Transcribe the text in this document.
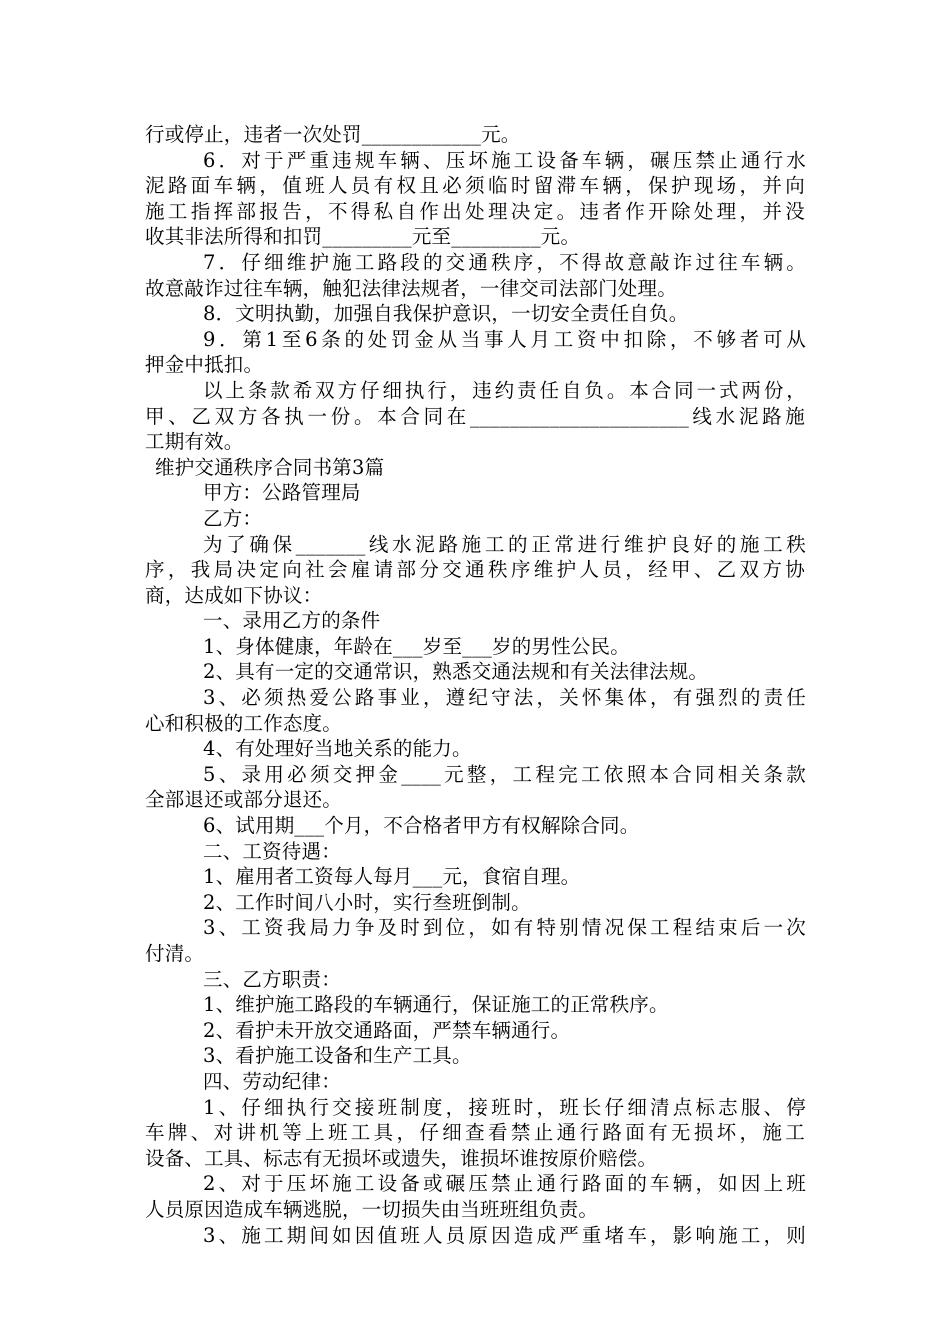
行或停止，违者一次处罚____________元。
6．对于严重违规车辆、压坏施工设备车辆，碾压禁止通行水
泥路面车辆，值班人员有权且必须临时留滞车辆，保护现场，并向
施工指挥部报告，不得私自作出处理决定。违者作开除处理，并没
收其非法所得和扣罚_________元至_________元。
7．仔细维护施工路段的交通秩序，不得故意敲诈过往车辆。
故意敲诈过往车辆，触犯法律法规者，一律交司法部门处理。
8．文明执勤，加强自我保护意识，一切安全责任自负。
9．第1至6条的处罚金从当事人月工资中扣除，不够者可从
押金中抵扣。
以上条款希双方仔细执行，违约责任自负。本合同一式两份，
甲、乙双方各执一份。本合同在______________________线水泥路施
工期有效。
维护交通秩序合同书第3篇
甲方：公路管理局
乙方：
为了确保_______线水泥路施工的正常进行维护良好的施工秩
序，我局决定向社会雇请部分交通秩序维护人员，经甲、乙双方协
商，达成如下协议：
一、录用乙方的条件
1、身体健康，年龄在___岁至___岁的男性公民。
2、具有一定的交通常识，熟悉交通法规和有关法律法规。
3、必须热爱公路事业，遵纪守法，关怀集体，有强烈的责任
心和积极的工作态度。
4、有处理好当地关系的能力。
5、录用必须交押金____元整，工程完工依照本合同相关条款
全部退还或部分退还。
6、试用期___个月，不合格者甲方有权解除合同。
二、工资待遇：
1、雇用者工资每人每月___元，食宿自理。
2、工作时间八小时，实行叁班倒制。
3、工资我局力争及时到位，如有特别情况保工程结束后一次
付清。
三、乙方职责：
1、维护施工路段的车辆通行，保证施工的正常秩序。
2、看护未开放交通路面，严禁车辆通行。
3、看护施工设备和生产工具。
四、劳动纪律：
1、仔细执行交接班制度，接班时，班长仔细清点标志服、停
车牌、对讲机等上班工具，仔细查看禁止通行路面有无损坏，施工
设备、工具、标志有无损坏或遗失，谁损坏谁按原价赔偿。
2、对于压坏施工设备或碾压禁止通行路面的车辆，如因上班
人员原因造成车辆逃脱，一切损失由当班班组负责。
3、施工期间如因值班人员原因造成严重堵车，影响施工，则
